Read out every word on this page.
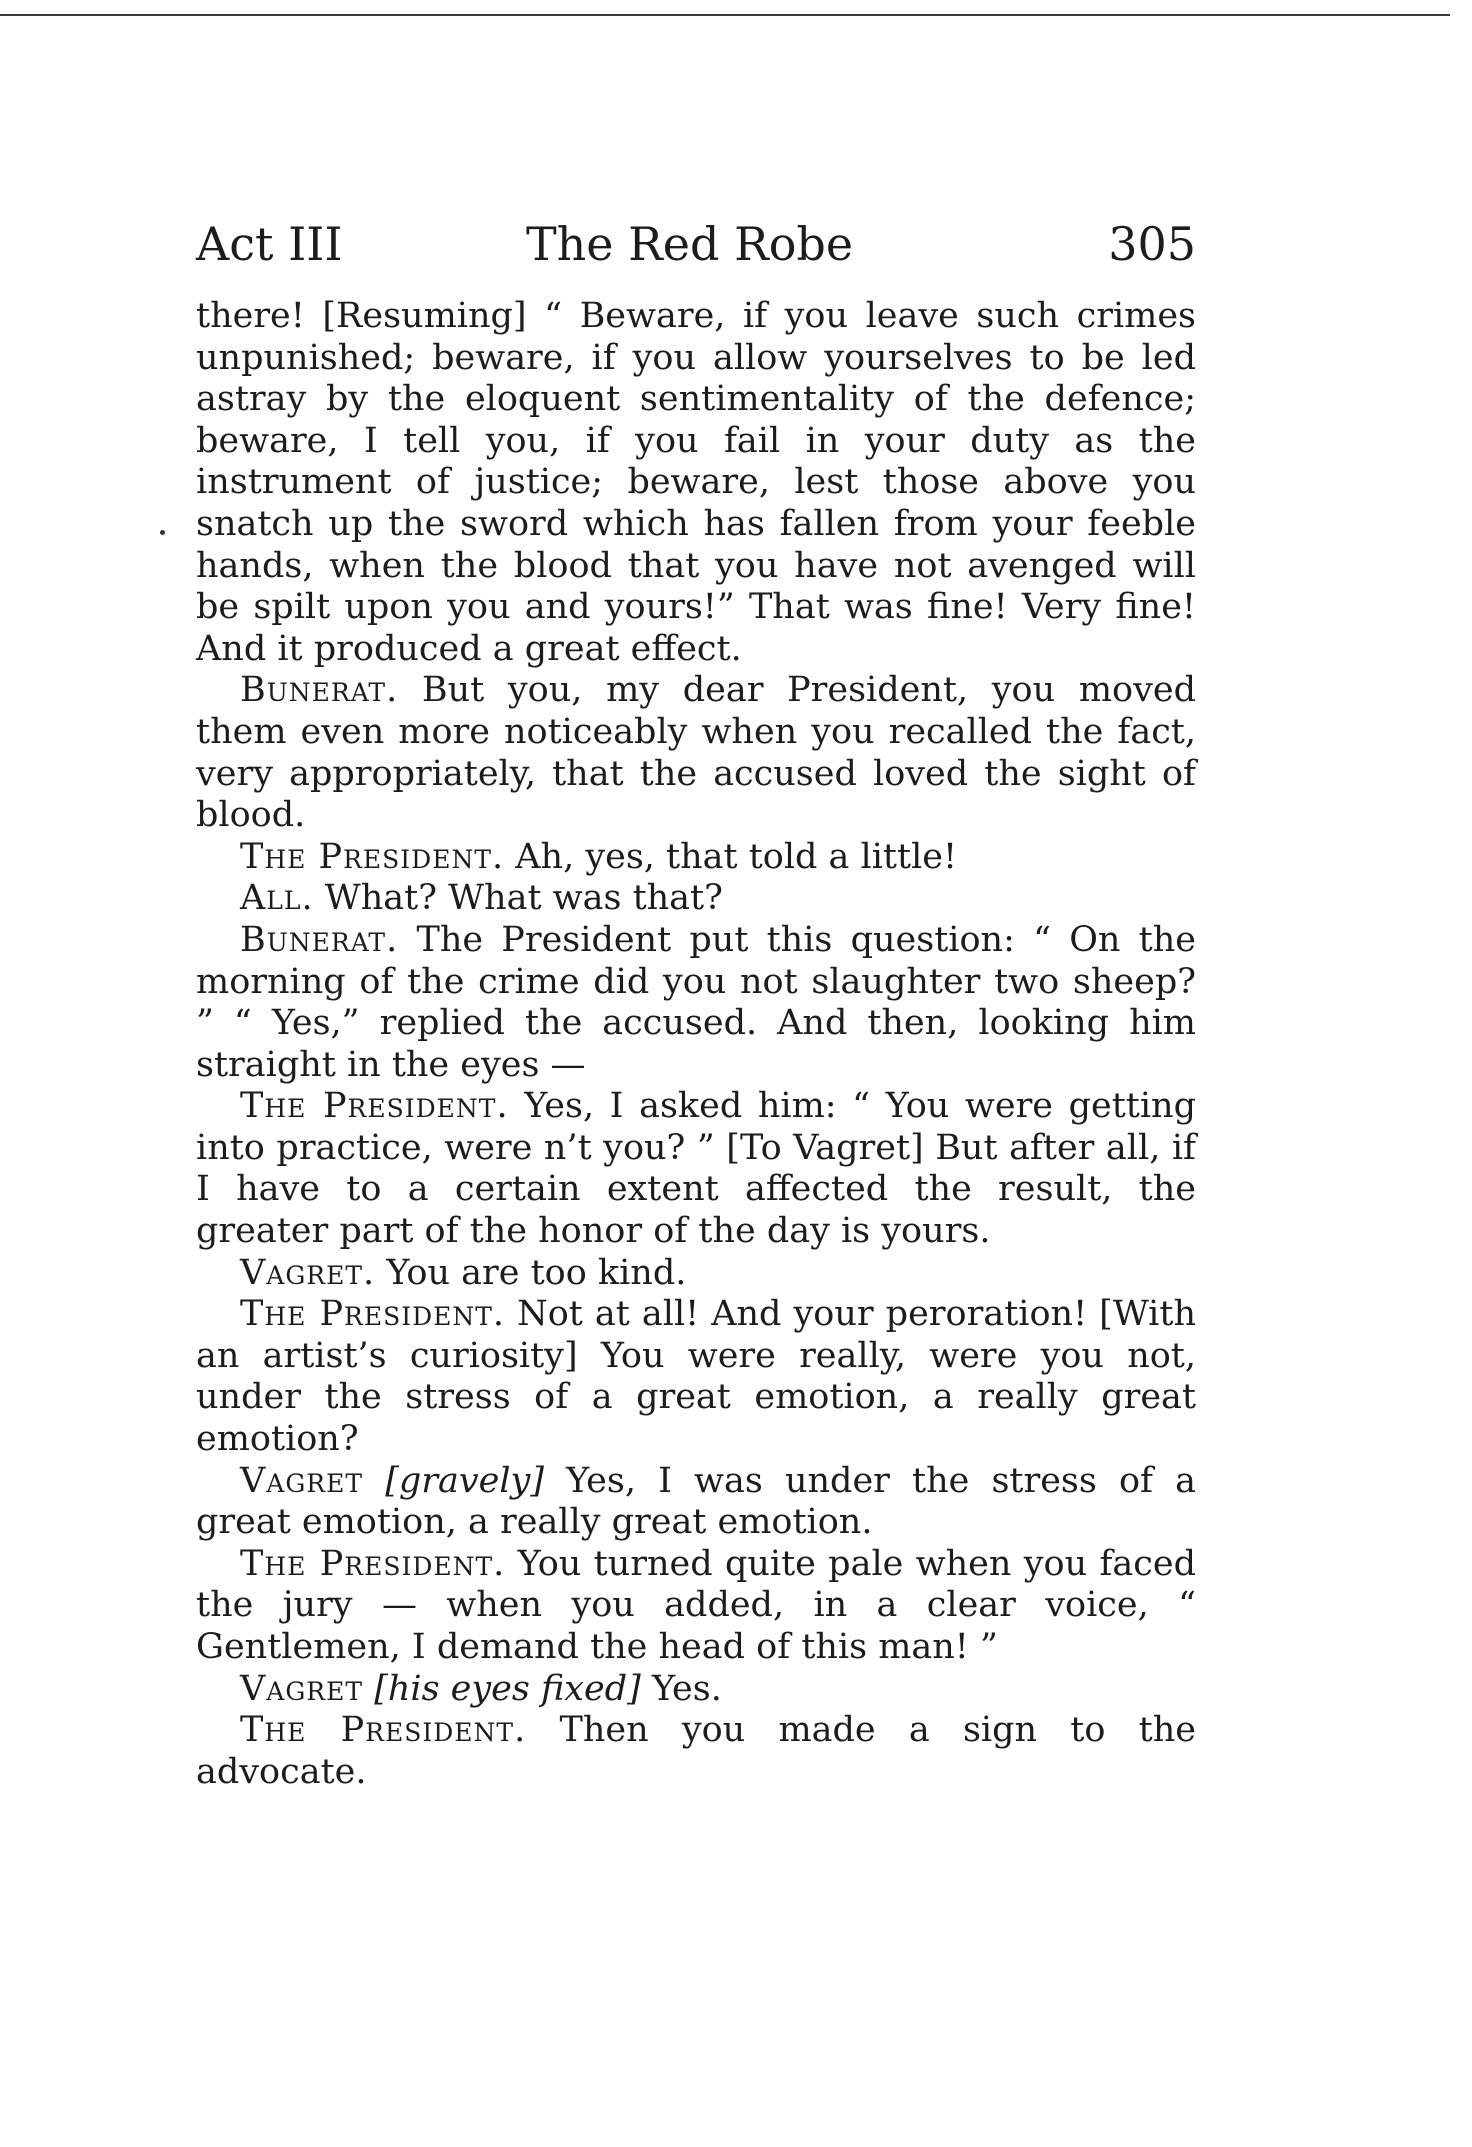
Act III	The Red Robe	305

there! [Resuming] “ Beware, if you leave such crimes unpunished; beware, if you allow yourselves to be led astray by the eloquent sentimentality of the defence; beware, I tell you, if you fail in your duty as the instrument of justice; beware, lest those above you snatch up the sword which has fallen from your feeble hands, when the blood that you have not avenged will be spilt upon you and yours!” That was fine! Very fine! And it produced a great effect.

Bunerat. But you, my dear President, you moved them even more noticeably when you recalled the fact, very appropriately, that the accused loved the sight of blood.

The President. Ah, yes, that told a little!

All. What? What was that?

Bunerat. The President put this question: “ On the morning of the crime did you not slaughter two sheep? ” “ Yes,” replied the accused. And then, looking him straight in the eyes —

The President. Yes, I asked him: “ You were getting into practice, were n’t you? ” [To Vagret] But after all, if I have to a certain extent affected the result, the greater part of the honor of the day is yours.

Vagret. You are too kind.

The President. Not at all! And your peroration! [With an artist’s curiosity] You were really, were you not, under the stress of a great emotion, a really great emotion?

Vagret [gravely] Yes, I was under the stress of a great emotion, a really great emotion.

The President. You turned quite pale when you faced the jury — when you added, in a clear voice, “ Gentlemen, I demand the head of this man! ”

Vagret [his eyes fixed] Yes.

The President. Then you made a sign to the advocate.
